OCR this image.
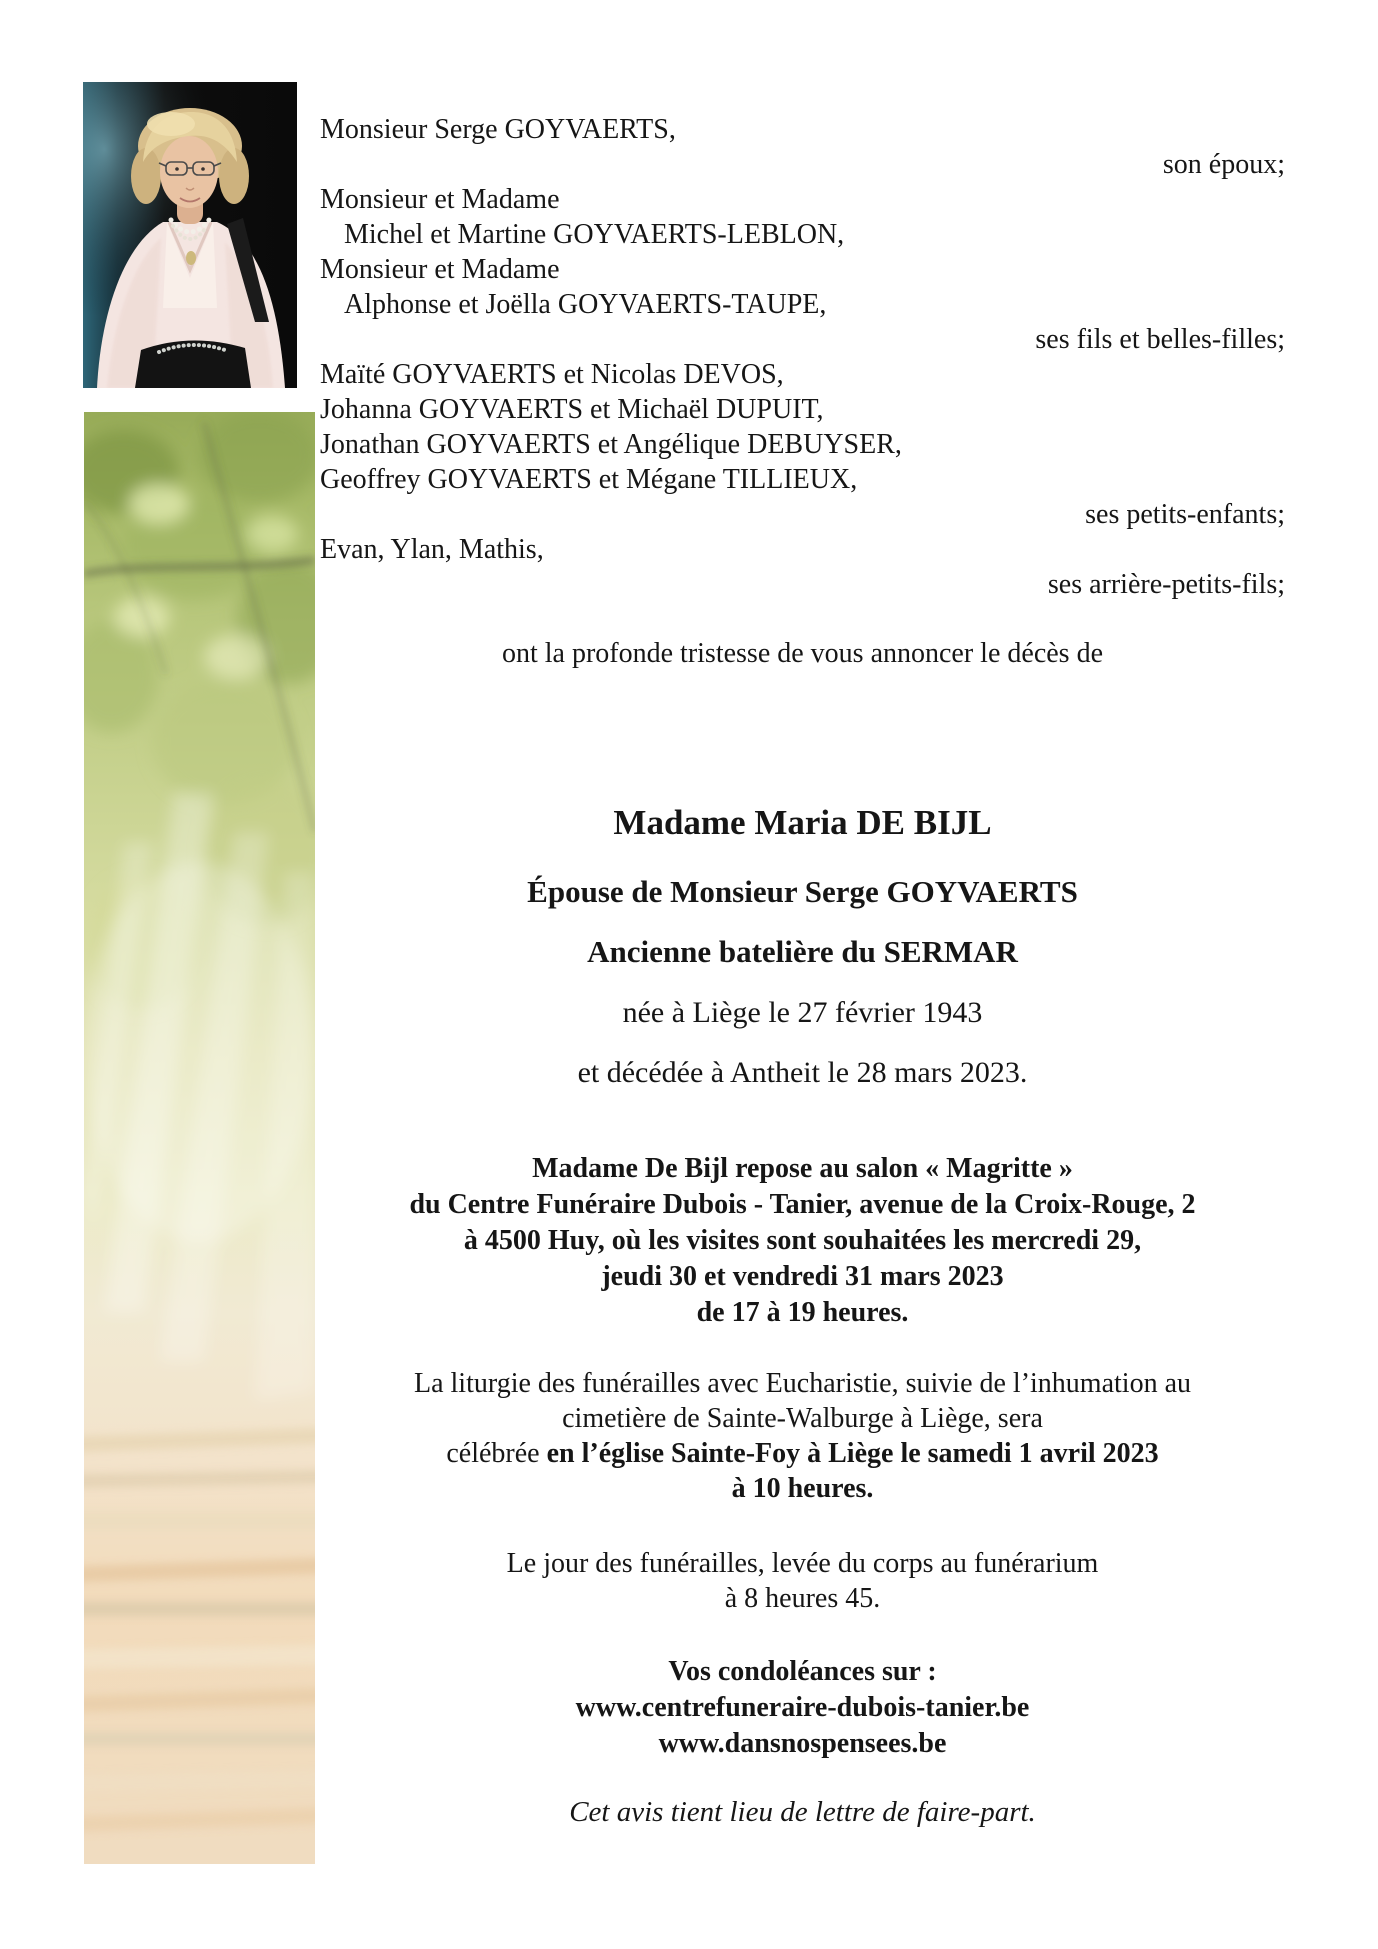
Monsieur Serge GOYVAERTS,
son époux;
Monsieur et Madame
Michel et Martine GOYVAERTS-LEBLON,
Monsieur et Madame
Alphonse et Joëlla GOYVAERTS-TAUPE,
ses fils et belles-filles;
Maïté GOYVAERTS et Nicolas DEVOS,
Johanna GOYVAERTS et Michaël DUPUIT,
Jonathan GOYVAERTS et Angélique DEBUYSER,
Geoffrey GOYVAERTS et Mégane TILLIEUX,
ses petits-enfants;
Evan, Ylan, Mathis,
ses arrière-petits-fils;
ont la profonde tristesse de vous annoncer le décès de
Madame Maria DE BIJL
Épouse de Monsieur Serge GOYVAERTS
Ancienne batelière du SERMAR
née à Liège le 27 février 1943
et décédée à Antheit le 28 mars 2023.
Madame De Bijl repose au salon « Magritte »
du Centre Funéraire Dubois - Tanier, avenue de la Croix-Rouge, 2
à 4500 Huy, où les visites sont souhaitées les mercredi 29,
jeudi 30 et vendredi 31 mars 2023
de 17 à 19 heures.
La liturgie des funérailles avec Eucharistie, suivie de l’inhumation au
cimetière de Sainte-Walburge à Liège, sera
célébrée en l’église Sainte-Foy à Liège le samedi 1 avril 2023
à 10 heures.
Le jour des funérailles, levée du corps au funérarium
à 8 heures 45.
Vos condoléances sur :
www.centrefuneraire-dubois-tanier.be
www.dansnospensees.be
Cet avis tient lieu de lettre de faire-part.
